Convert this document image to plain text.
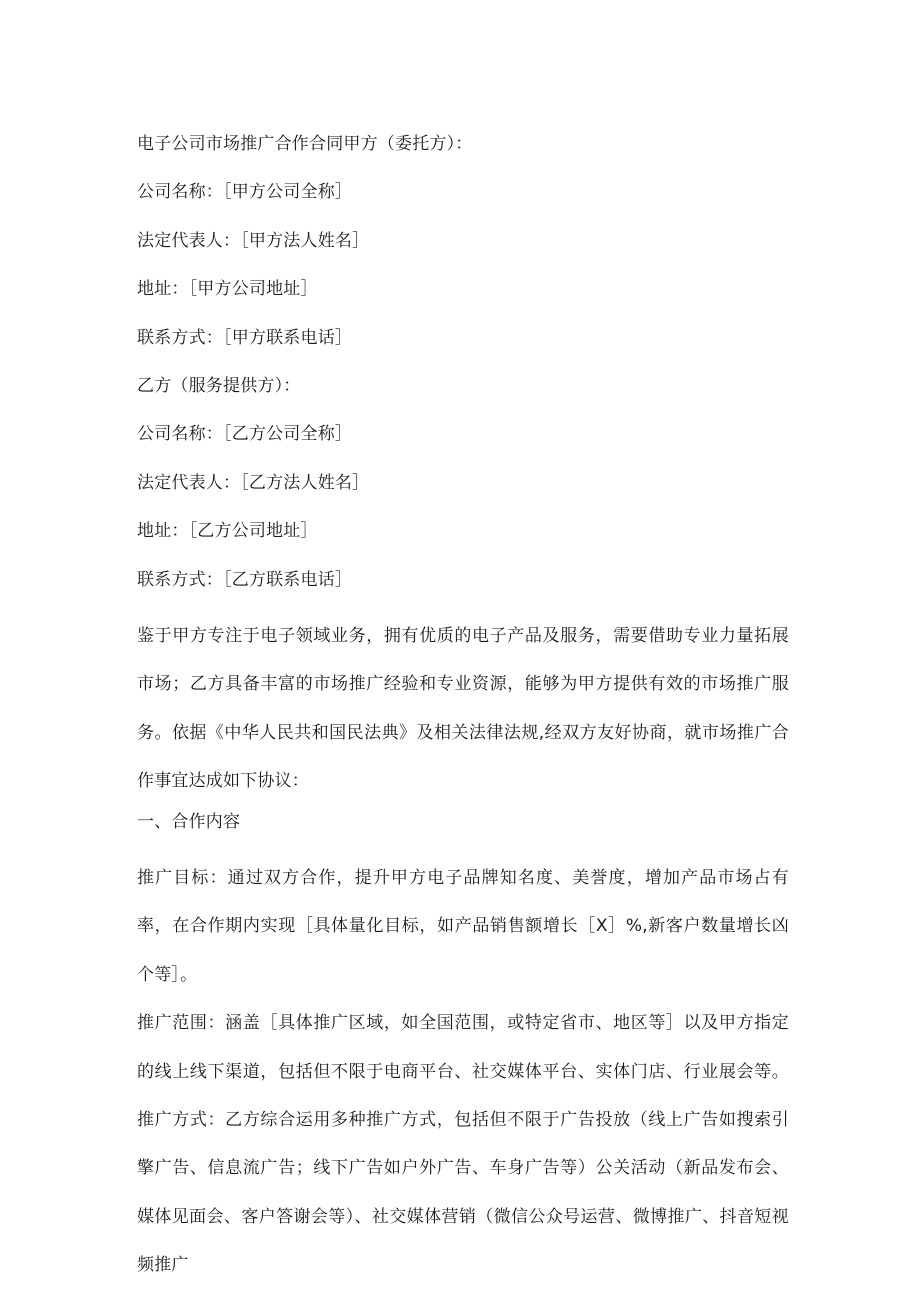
电子公司市场推广合作合同甲方（委托方）：
公司名称：［甲方公司全称］
法定代表人：［甲方法人姓名］
地址：［甲方公司地址］
联系方式：［甲方联系电话］
乙方（服务提供方）：
公司名称：［乙方公司全称］
法定代表人：［乙方法人姓名］
地址：［乙方公司地址］
联系方式：［乙方联系电话］

鉴于甲方专注于电子领域业务，拥有优质的电子产品及服务，需要借助专业力量拓展市场；乙方具备丰富的市场推广经验和专业资源，能够为甲方提供有效的市场推广服务。依据《中华人民共和国民法典》及相关法律法规,经双方友好协商，就市场推广合作事宜达成如下协议：

一、合作内容

推广目标：通过双方合作，提升甲方电子品牌知名度、美誉度，增加产品市场占有率，在合作期内实现［具体量化目标，如产品销售额增长［X］%,新客户数量增长凶个等］。

推广范围：涵盖［具体推广区域，如全国范围，或特定省市、地区等］以及甲方指定的线上线下渠道，包括但不限于电商平台、社交媒体平台、实体门店、行业展会等。推广方式：乙方综合运用多种推广方式，包括但不限于广告投放（线上广告如搜索引擎广告、信息流广告；线下广告如户外广告、车身广告等）公关活动（新品发布会、媒体见面会、客户答谢会等）、社交媒体营销（微信公众号运营、微博推广、抖音短视频推广
